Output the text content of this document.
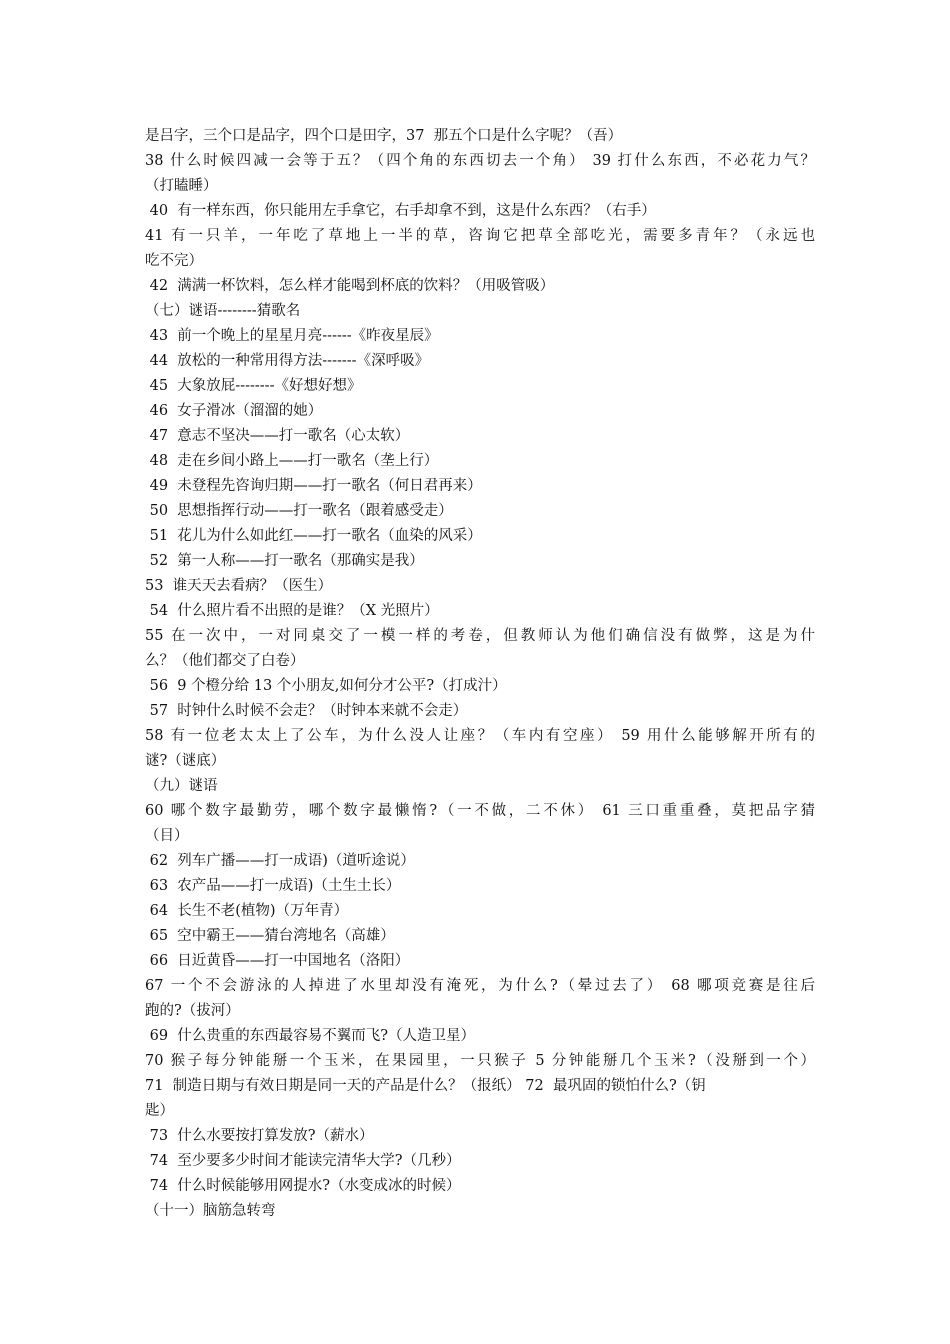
是吕字，三个口是品字，四个口是田字，37  那五个口是什么字呢？（吾）
38 什么时候四减一会等于五？（四个角的东西切去一个角） 39 打什么东西，不必花力气？
（打瞌睡）
40  有一样东西，你只能用左手拿它，右手却拿不到，这是什么东西？（右手）
41 有一只羊，一年吃了草地上一半的草，咨询它把草全部吃光，需要多青年？（永远也
吃不完）
42  满满一杯饮料，怎么样才能喝到杯底的饮料？（用吸管吸）
（七）谜语--------猜歌名
43  前一个晚上的星星月亮------《昨夜星辰》
44  放松的一种常用得方法-------《深呼吸》
45  大象放屁--------《好想好想》
46  女子滑冰（溜溜的她）
47  意志不坚决——打一歌名（心太软）
48  走在乡间小路上——打一歌名（垄上行）
49  未登程先咨询归期——打一歌名（何日君再来）
50  思想指挥行动——打一歌名（跟着感受走）
51  花儿为什么如此红——打一歌名（血染的风采）
52  第一人称——打一歌名（那确实是我）
53  谁天天去看病？（医生）
54  什么照片看不出照的是谁？（X 光照片）
55 在一次中，一对同桌交了一模一样的考卷，但教师认为他们确信没有做弊，这是为什
么？（他们都交了白卷）
56  9 个橙分给 13 个小朋友,如何分才公平?（打成汁）
57  时钟什么时候不会走？（时钟本来就不会走）
58 有一位老太太上了公车，为什么没人让座？（车内有空座） 59 用什么能够解开所有的
谜?（谜底）
（九）谜语
60 哪个数字最勤劳，哪个数字最懒惰?（一不做，二不休） 61 三口重重叠，莫把品字猜
（目）
62  列车广播——打一成语)（道听途说）
63  农产品——打一成语)（土生土长）
64  长生不老(植物)（万年青）
65  空中霸王——猜台湾地名（高雄）
66  日近黄昏——打一中国地名（洛阳）
67 一个不会游泳的人掉进了水里却没有淹死，为什么?（晕过去了） 68 哪项竞赛是往后
跑的?（拔河）
69  什么贵重的东西最容易不翼而飞?（人造卫星）
70 猴子每分钟能掰一个玉米，在果园里，一只猴子 5 分钟能掰几个玉米?（没掰到一个）
71  制造日期与有效日期是同一天的产品是什么？（报纸） 72  最巩固的锁怕什么?（钥
匙）
73  什么水要按打算发放?（薪水）
74  至少要多少时间才能读完清华大学?（几秒）
74  什么时候能够用网提水?（水变成冰的时候）
（十一）脑筋急转弯
